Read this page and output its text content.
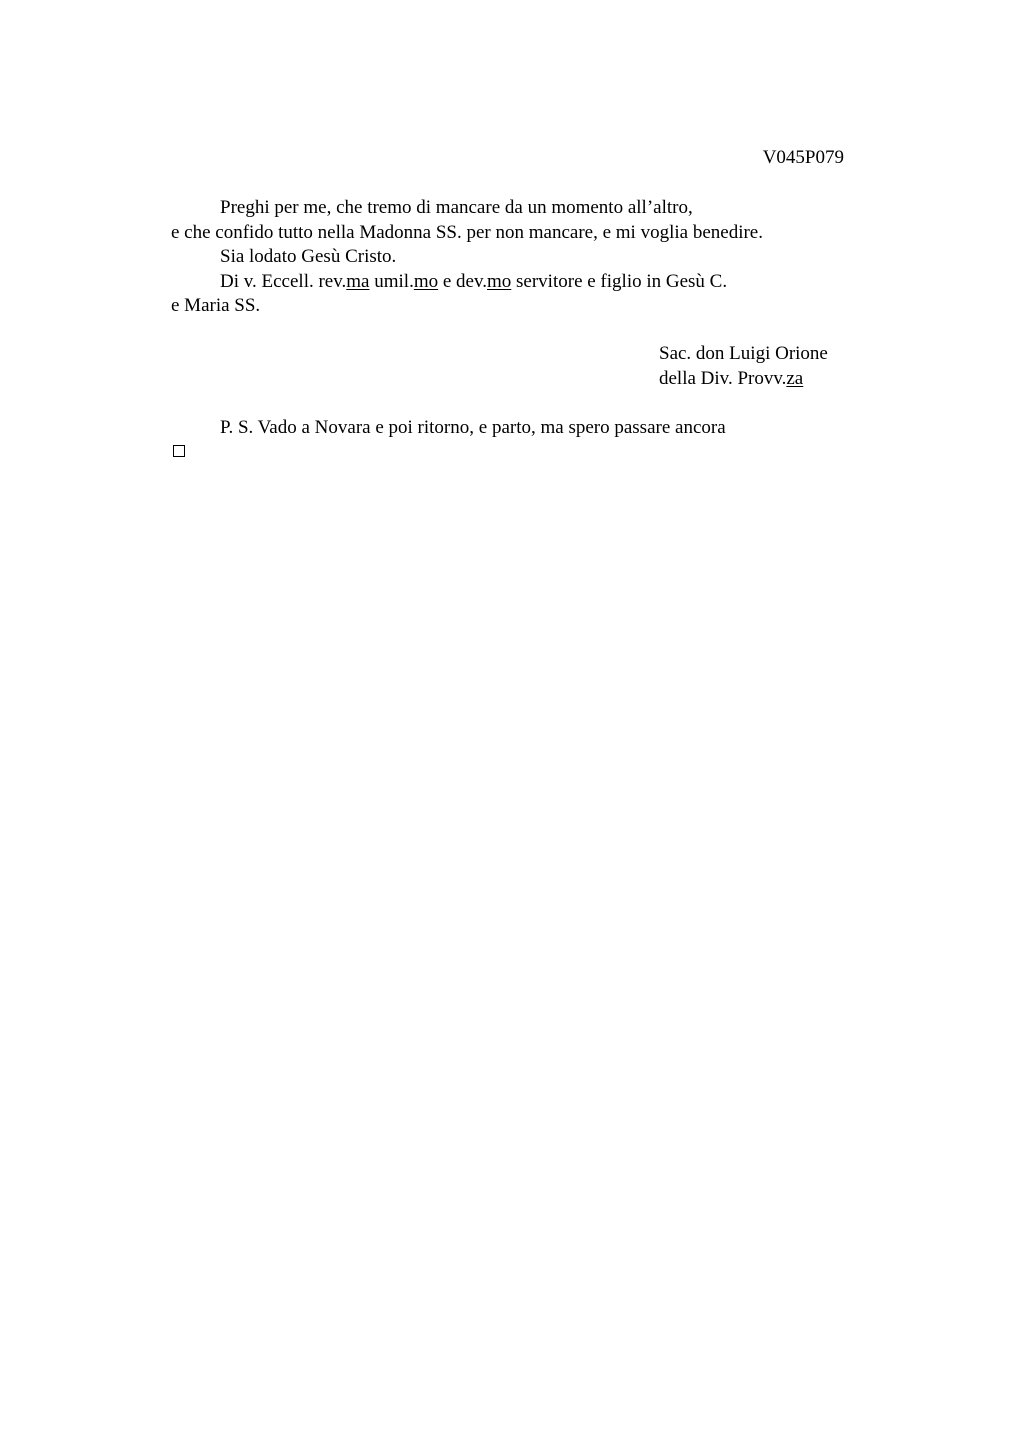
V045P079
Preghi per me, che tremo di mancare da un momento all’altro,
e che confido tutto nella Madonna SS. per non mancare, e mi voglia benedire.
Sia lodato Gesù Cristo.
Di v. Eccell. rev.ma umil.mo e dev.mo servitore e figlio in Gesù C.
e Maria SS.
Sac. don Luigi Orione
della Div. Provv.za
P. S. Vado a Novara e poi ritorno, e parto, ma spero passare ancora
